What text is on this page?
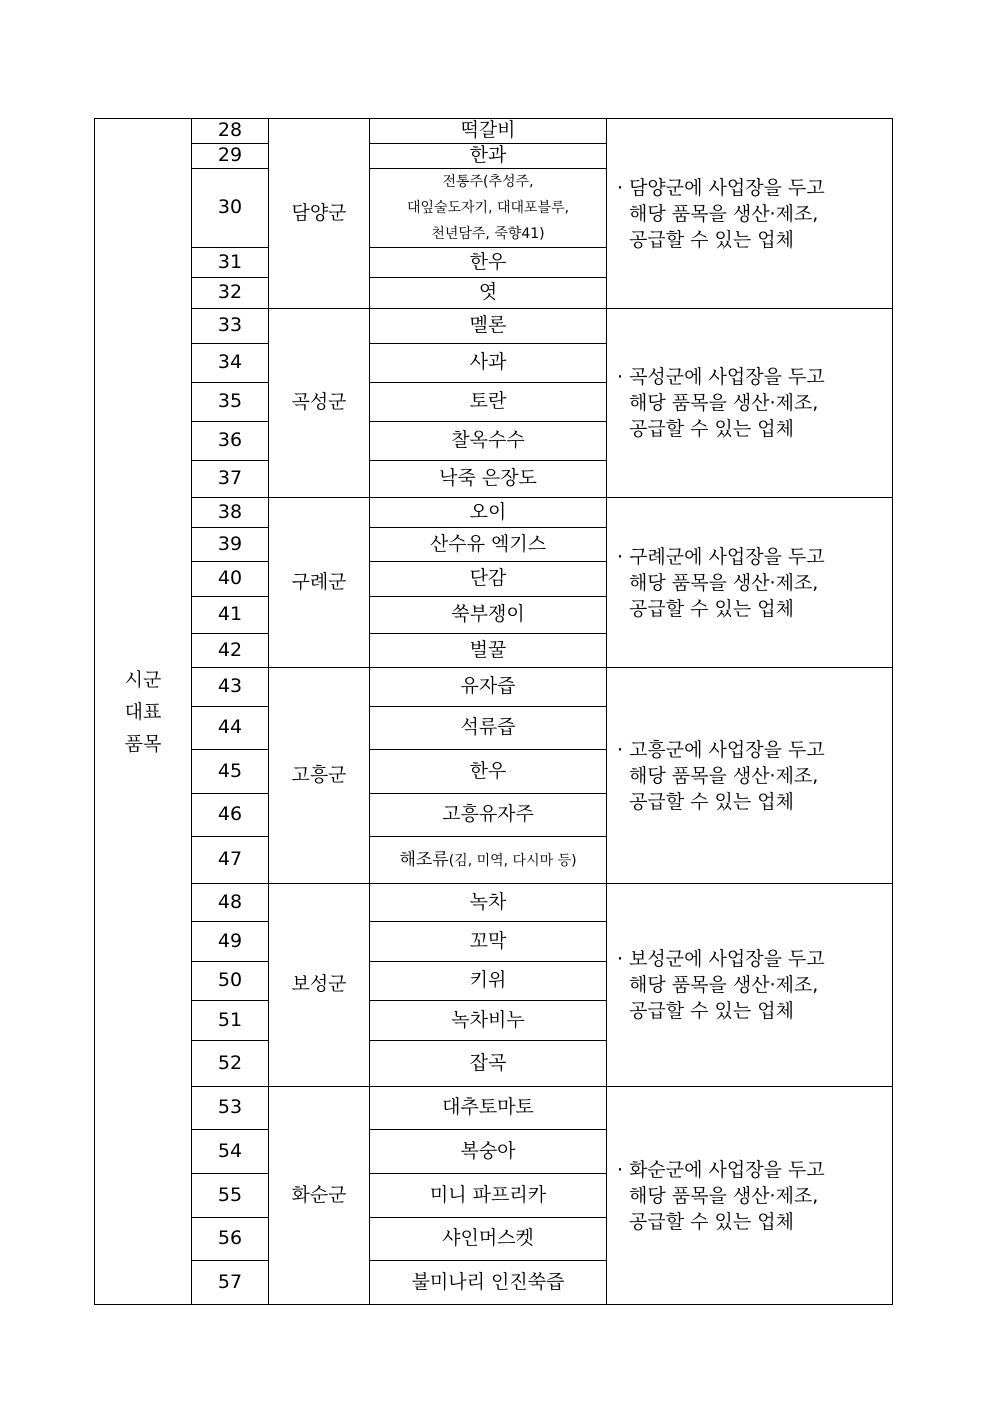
시군
대표
품목	28	담양군	떡갈비	· 담양군에 사업장을 두고
해당 품목을 생산·제조,
공급할 수 있는 업체

	29		한과	
	30		전통주(추성주,
대잎술도자기, 대대포블루,
천년담주, 죽향41)	

	31		한우	
	32		엿	
	33	곡성군	멜론	· 곡성군에 사업장을 두고
해당 품목을 생산·제조,
공급할 수 있는 업체

	34		사과	
	35		토란	
	36		찰옥수수	
	37		낙죽 은장도	
	38	구례군	오이	· 구례군에 사업장을 두고
해당 품목을 생산·제조,
공급할 수 있는 업체

	39		산수유 엑기스	
	40		단감	
	41		쑥부쟁이	
	42		벌꿀	
	43	고흥군	유자즙	· 고흥군에 사업장을 두고
해당 품목을 생산·제조,
공급할 수 있는 업체

	44		석류즙	
	45		한우	
	46		고흥유자주	
	47		해조류(김, 미역, 다시마 등)	
	48	보성군	녹차	· 보성군에 사업장을 두고
해당 품목을 생산·제조,
공급할 수 있는 업체

	49		꼬막	
	50		키위	
	51		녹차비누	
	52		잡곡	
	53	화순군	대추토마토	· 화순군에 사업장을 두고
해당 품목을 생산·제조,
공급할 수 있는 업체

	54		복숭아	
	55		미니 파프리카	
	56		샤인머스켓	
	57		불미나리 인진쑥즙	
